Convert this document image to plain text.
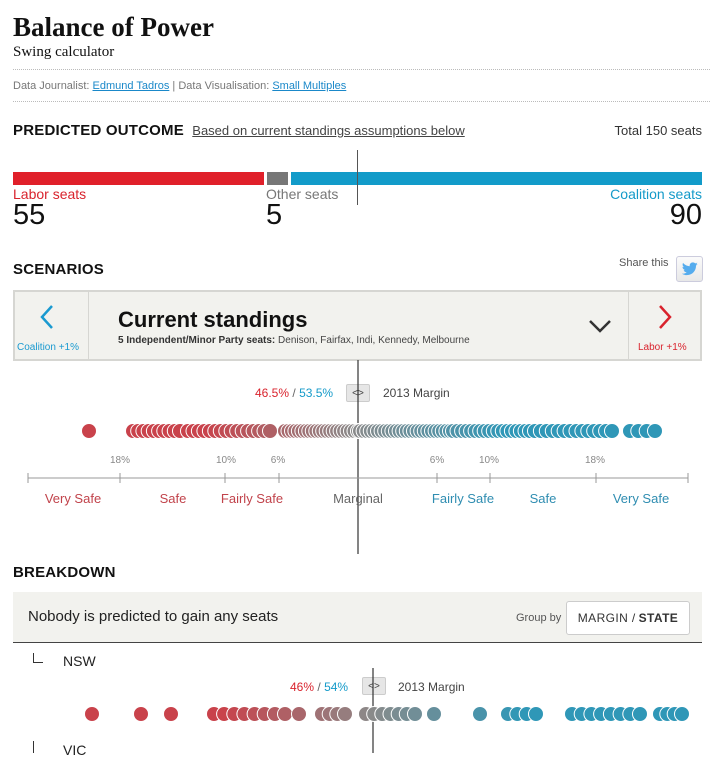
Balance of Power
Swing calculator
Data Journalist: Edmund Tadros | Data Visualisation: Small Multiples
PREDICTED OUTCOME Based on current standings assumptions below	Total 150 seats
Labor seats
55
Other seats
5
Coalition seats
90
SCENARIOS	Share this
Coalition +1%
Current standings
5 Independent/Minor Party seats: Denison, Fairfax, Indi, Kennedy, Melbourne
Labor +1%
46.5% / 53.5%	<>	2013 Margin
18%	10%	6%	6%	10%	18%
Very Safe	Safe	Fairly Safe	Marginal	Fairly Safe	Safe	Very Safe
BREAKDOWN
Nobody is predicted to gain any seats	Group by MARGIN / STATE
NSW
46% / 54%	<>	2013 Margin
VIC
